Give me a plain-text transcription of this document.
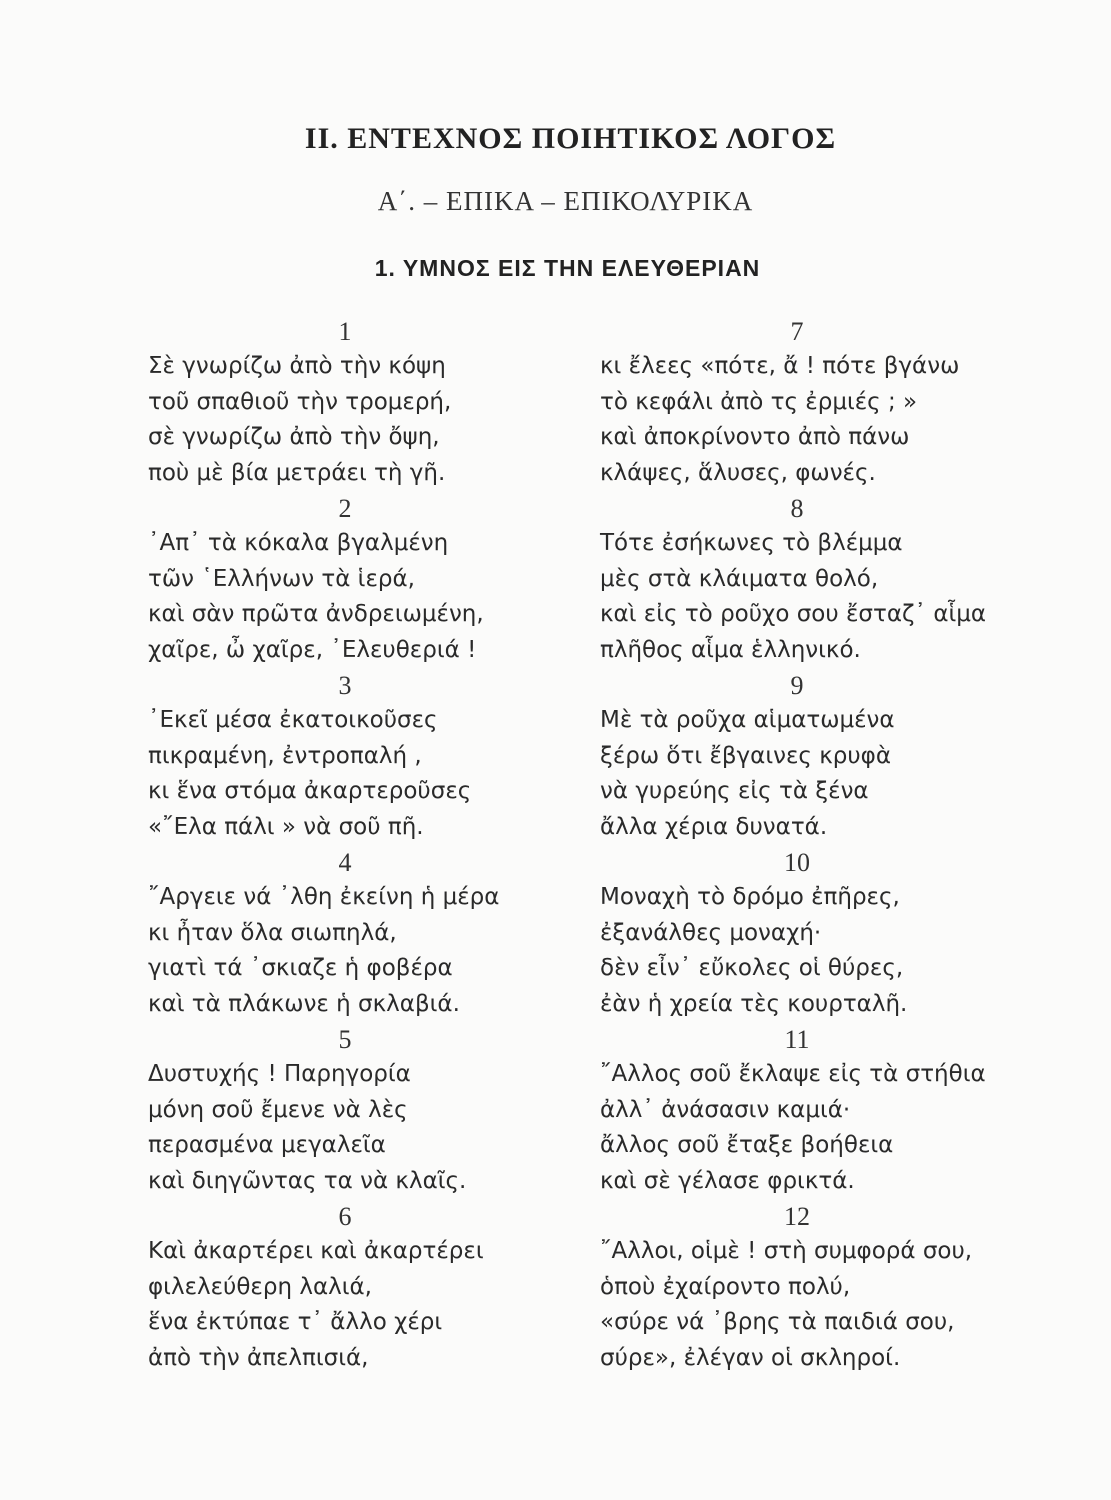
II. ΕΝΤΕΧΝΟΣ ΠΟΙΗΤΙΚΟΣ ΛΟΓΟΣ
Α΄. – ΕΠΙΚΑ – ΕΠΙΚΟΛΥΡΙΚΑ
1. ΥΜΝΟΣ ΕΙΣ ΤΗΝ ΕΛΕΥΘΕΡΙΑΝ
1
Σὲ γνωρίζω ἀπὸ τὴν κόψη
τοῦ σπαθιοῦ τὴν τρομερή,
σὲ γνωρίζω ἀπὸ τὴν ὄψη,
ποὺ μὲ βία μετράει τὴ γῆ.
2
᾿Απ᾿ τὰ κόκαλα βγαλμένη
τῶν ῾Ελλήνων τὰ ἱερά,
καὶ σὰν πρῶτα ἀνδρειωμένη,
χαῖρε, ὦ χαῖρε, ᾿Ελευθεριά !
3
᾿Εκεῖ μέσα ἐκατοικοῦσες
πικραμένη, ἐντροπαλή ,
κι ἕνα στόμα ἀκαρτεροῦσες
«῎Ελα πάλι » νὰ σοῦ πῆ.
4
῎Αργειε νά ᾿λθη ἐκείνη ἡ μέρα
κι ἦταν ὅλα σιωπηλά,
γιατὶ τά ᾿σκιαζε ἡ φοβέρα
καὶ τὰ πλάκωνε ἡ σκλαβιά.
5
Δυστυχής ! Παρηγορία
μόνη σοῦ ἔμενε νὰ λὲς
περασμένα μεγαλεῖα
καὶ διηγῶντας τα νὰ κλαῖς.
6
Καὶ ἀκαρτέρει καὶ ἀκαρτέρει
φιλελεύθερη λαλιά,
ἕνα ἐκτύπαε τ᾿ ἄλλο χέρι
ἀπὸ τὴν ἀπελπισιά,
7
κι ἔλεες «πότε, ἄ ! πότε βγάνω
τὸ κεφάλι ἀπὸ τς ἐρμιές ; »
καὶ ἀποκρίνοντο ἀπὸ πάνω
κλάψες, ἅλυσες, φωνές.
8
Τότε ἐσήκωνες τὸ βλέμμα
μὲς στὰ κλάιματα θολό,
καὶ εἰς τὸ ροῦχο σου ἔσταζ᾿ αἷμα
πλῆθος αἷμα ἑλληνικό.
9
Μὲ τὰ ροῦχα αἱματωμένα
ξέρω ὅτι ἔβγαινες κρυφὰ
νὰ γυρεύης εἰς τὰ ξένα
ἄλλα χέρια δυνατά.
10
Μοναχὴ τὸ δρόμο ἐπῆρες,
ἐξανάλθες μοναχή·
δὲν εἶν᾿ εὔκολες οἱ θύρες,
ἐὰν ἡ χρεία τὲς κουρταλῆ.
11
῎Αλλος σοῦ ἔκλαψε εἰς τὰ στήθια
ἀλλ᾿ ἀνάσασιν καμιά·
ἄλλος σοῦ ἔταξε βοήθεια
καὶ σὲ γέλασε φρικτά.
12
῎Αλλοι, οἱμὲ ! στὴ συμφορά σου,
ὁποὺ ἐχαίροντο πολύ,
«σύρε νά ᾿βρης τὰ παιδιά σου,
σύρε», ἐλέγαν οἱ σκληροί.
